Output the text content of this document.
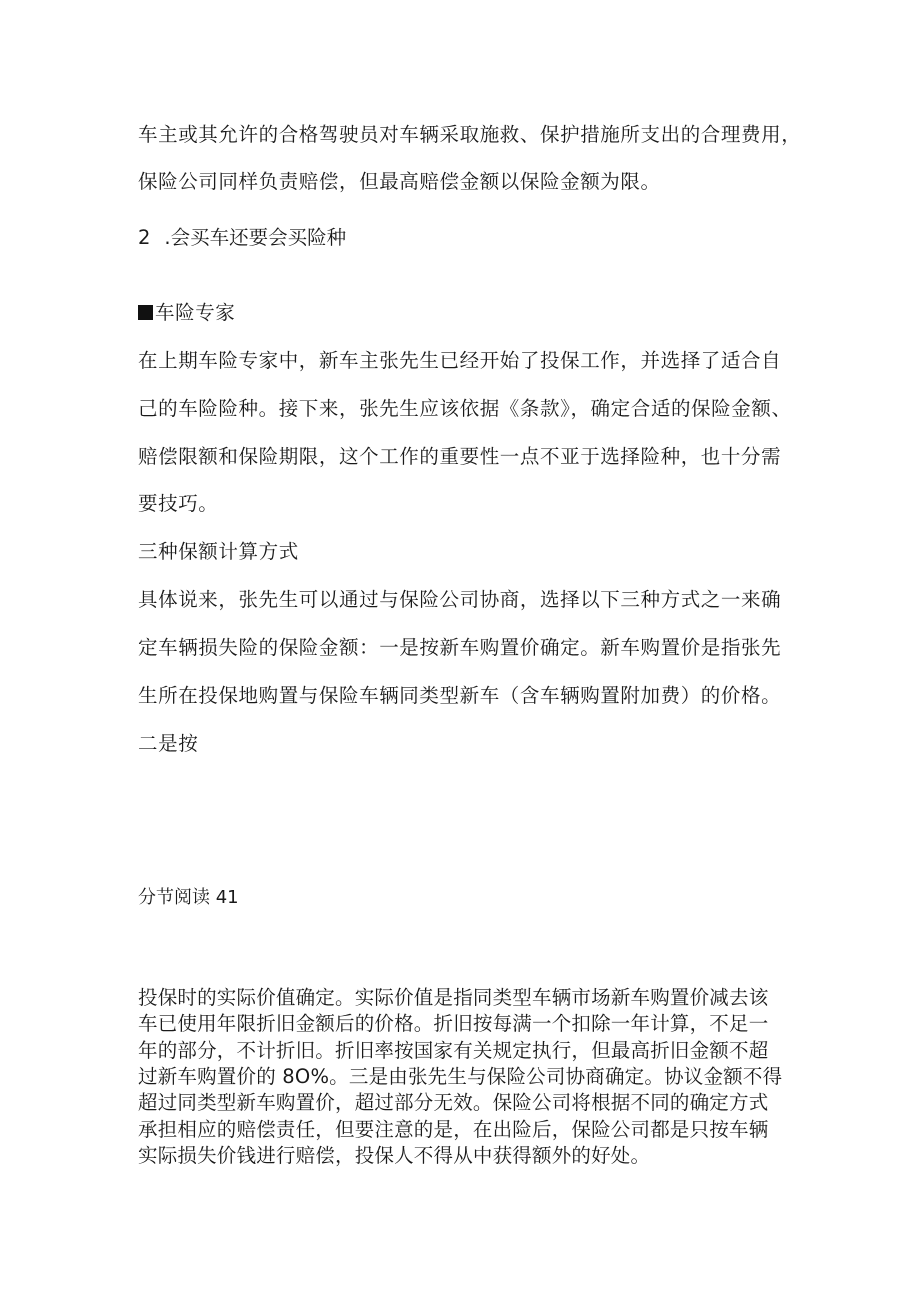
车主或其允许的合格驾驶员对车辆采取施救、保护措施所支出的合理费用，
保险公司同样负责赔偿，但最高赔偿金额以保险金额为限。
2 .会买车还要会买险种
车险专家
在上期车险专家中，新车主张先生已经开始了投保工作，并选择了适合自
己的车险险种。接下来，张先生应该依据《条款》，确定合适的保险金额、
赔偿限额和保险期限，这个工作的重要性一点不亚于选择险种，也十分需
要技巧。
三种保额计算方式
具体说来，张先生可以通过与保险公司协商，选择以下三种方式之一来确
定车辆损失险的保险金额：一是按新车购置价确定。新车购置价是指张先
生所在投保地购置与保险车辆同类型新车（含车辆购置附加费）的价格。
二是按
分节阅读 41
投保时的实际价值确定。实际价值是指同类型车辆市场新车购置价减去该
车已使用年限折旧金额后的价格。折旧按每满一个扣除一年计算，不足一
年的部分，不计折旧。折旧率按国家有关规定执行，但最高折旧金额不超
过新车购置价的 8O%。三是由张先生与保险公司协商确定。协议金额不得
超过同类型新车购置价，超过部分无效。保险公司将根据不同的确定方式
承担相应的赔偿责任，但要注意的是，在出险后，保险公司都是只按车辆
实际损失价钱进行赔偿，投保人不得从中获得额外的好处。
